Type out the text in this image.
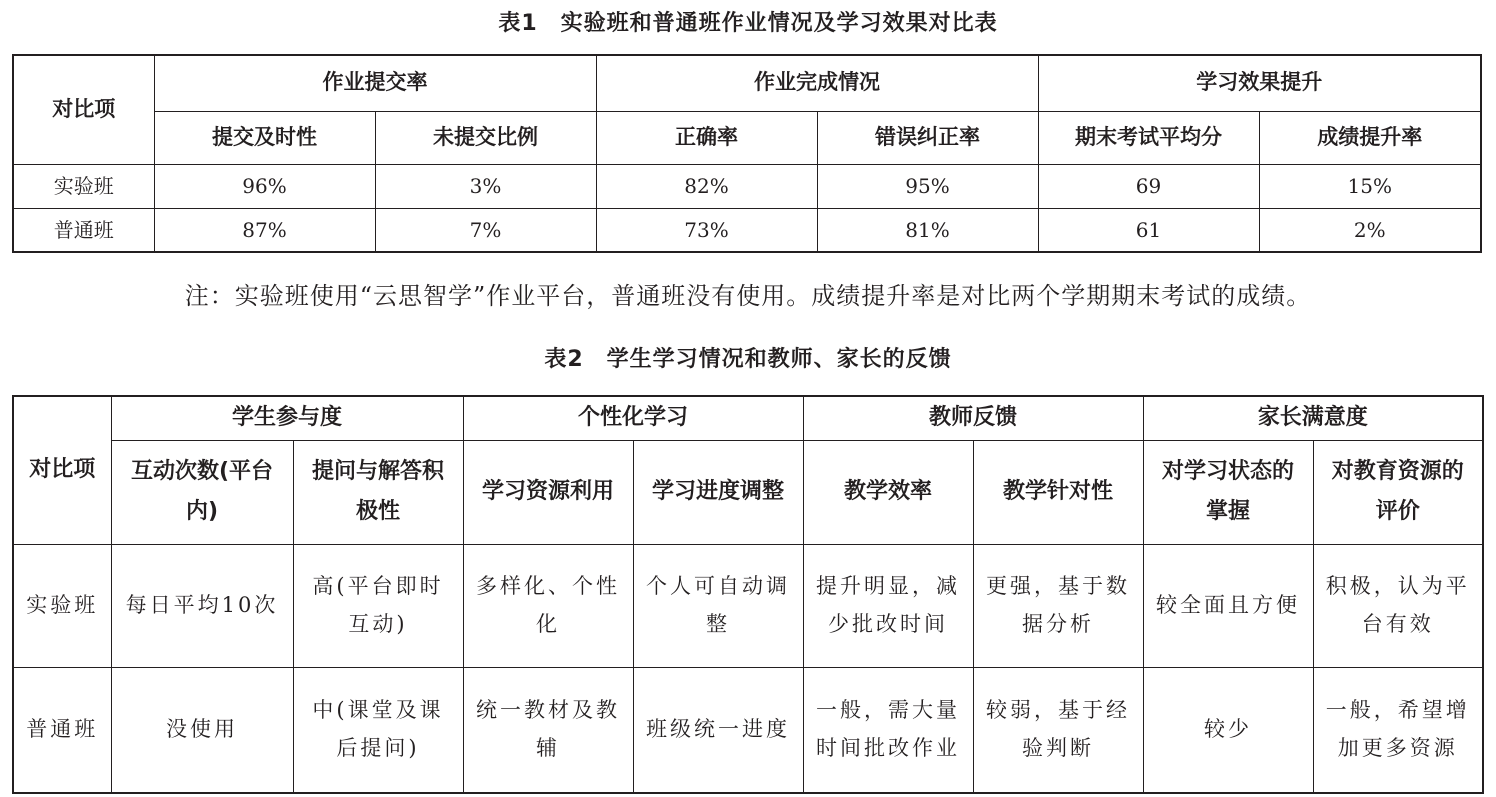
表1　实验班和普通班作业情况及学习效果对比表
对比项	作业提交率		作业完成情况		学习效果提升	
	提交及时性	未提交比例	正确率	错误纠正率	期末考试平均分	成绩提升率
实验班	96%	3%	82%	95%	69	15%
普通班	87%	7%	73%	81%	61	2%
注：实验班使用“云思智学”作业平台，普通班没有使用。成绩提升率是对比两个学期期末考试的成绩。
表2　学生学习情况和教师、家长的反馈
对比项	学生参与度		个性化学习		教师反馈		家长满意度	

	互动次数(平台内)	提问与解答积极性	学习资源利用	学习进度调整	教学效率	教学针对性	对学习状态的掌握	对教育资源的评价

实验班	每日平均10次	高(平台即时互动)	多样化、个性化	个人可自动调整	提升明显，减少批改时间	更强，基于数据分析	较全面且方便	积极，认为平台有效

普通班	没使用	中(课堂及课后提问)	统一教材及教辅	班级统一进度	一般，需大量时间批改作业	较弱，基于经验判断	较少	一般，希望增加更多资源
